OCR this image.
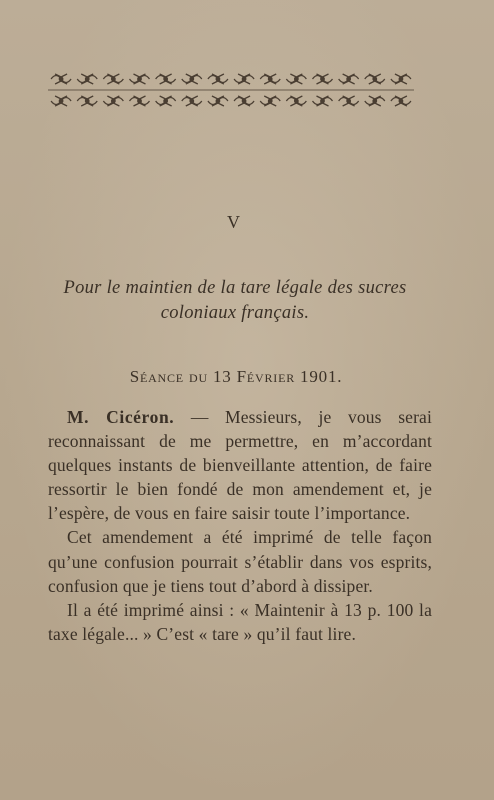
V
Pour le maintien de la tare légale des sucres
coloniaux français.
Séance du 13 Février 1901.

M. Cicéron. — Messieurs, je vous serai reconnaissant de me permettre, en m’accordant quelques instants de bienveillante attention, de faire ressortir le bien fondé de mon amendement et, je l’espère, de vous en faire saisir toute l’importance.

Cet amendement a été imprimé de telle façon qu’une confusion pourrait s’établir dans vos esprits, confusion que je tiens tout d’abord à dissiper.

Il a été imprimé ainsi : « Maintenir à 13 p. 100 la taxe légale... » C’est « tare » qu’il faut lire.
